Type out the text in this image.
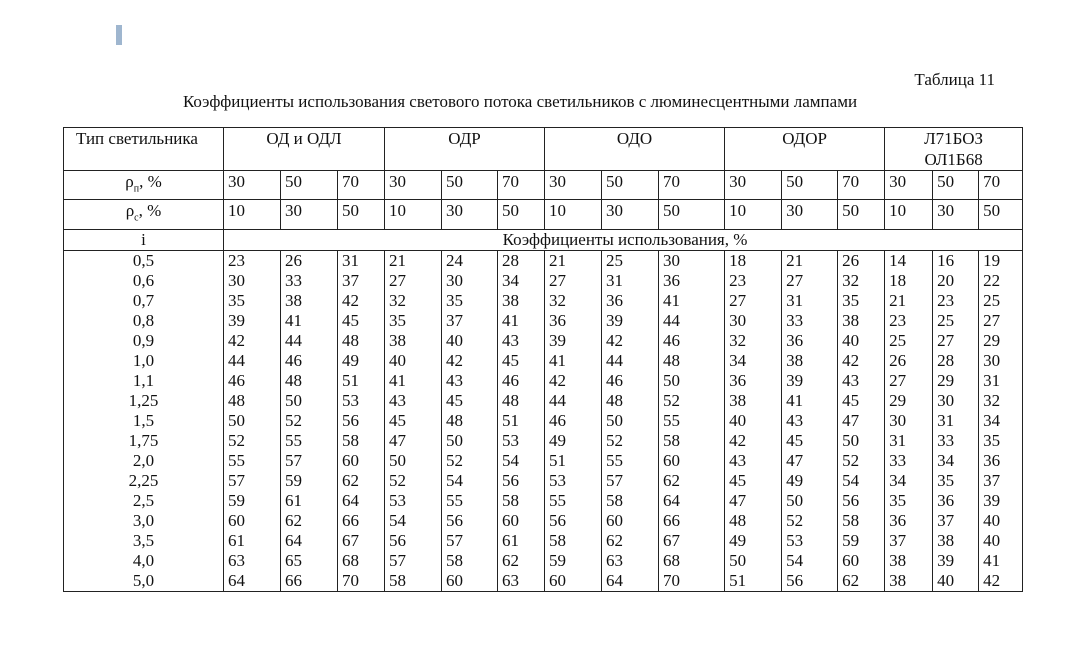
Таблица 11
Коэффициенты использования светового потока светильников с люминесцентными лампами
Тип светильника	ОД и ОДЛ			ОДР			ОДО			ОДОР			Л71БОЗ
ОЛ1Б68		
$\rho_п$, %	30	50	70	30	50	70	30	50	70	30	50	70	30	50	70
$\rho_c$, %	10	30	50	10	30	50	10	30	50	10	30	50	10	30	50
i	Коэффициенты использования, %														
0,5	23	26	31	21	24	28	21	25	30	18	21	26	14	16	19
0,6	30	33	37	27	30	34	27	31	36	23	27	32	18	20	22
0,7	35	38	42	32	35	38	32	36	41	27	31	35	21	23	25
0,8	39	41	45	35	37	41	36	39	44	30	33	38	23	25	27
0,9	42	44	48	38	40	43	39	42	46	32	36	40	25	27	29
1,0	44	46	49	40	42	45	41	44	48	34	38	42	26	28	30
1,1	46	48	51	41	43	46	42	46	50	36	39	43	27	29	31
1,25	48	50	53	43	45	48	44	48	52	38	41	45	29	30	32
1,5	50	52	56	45	48	51	46	50	55	40	43	47	30	31	34
1,75	52	55	58	47	50	53	49	52	58	42	45	50	31	33	35
2,0	55	57	60	50	52	54	51	55	60	43	47	52	33	34	36
2,25	57	59	62	52	54	56	53	57	62	45	49	54	34	35	37
2,5	59	61	64	53	55	58	55	58	64	47	50	56	35	36	39
3,0	60	62	66	54	56	60	56	60	66	48	52	58	36	37	40
3,5	61	64	67	56	57	61	58	62	67	49	53	59	37	38	40
4,0	63	65	68	57	58	62	59	63	68	50	54	60	38	39	41
5,0	64	66	70	58	60	63	60	64	70	51	56	62	38	40	42
